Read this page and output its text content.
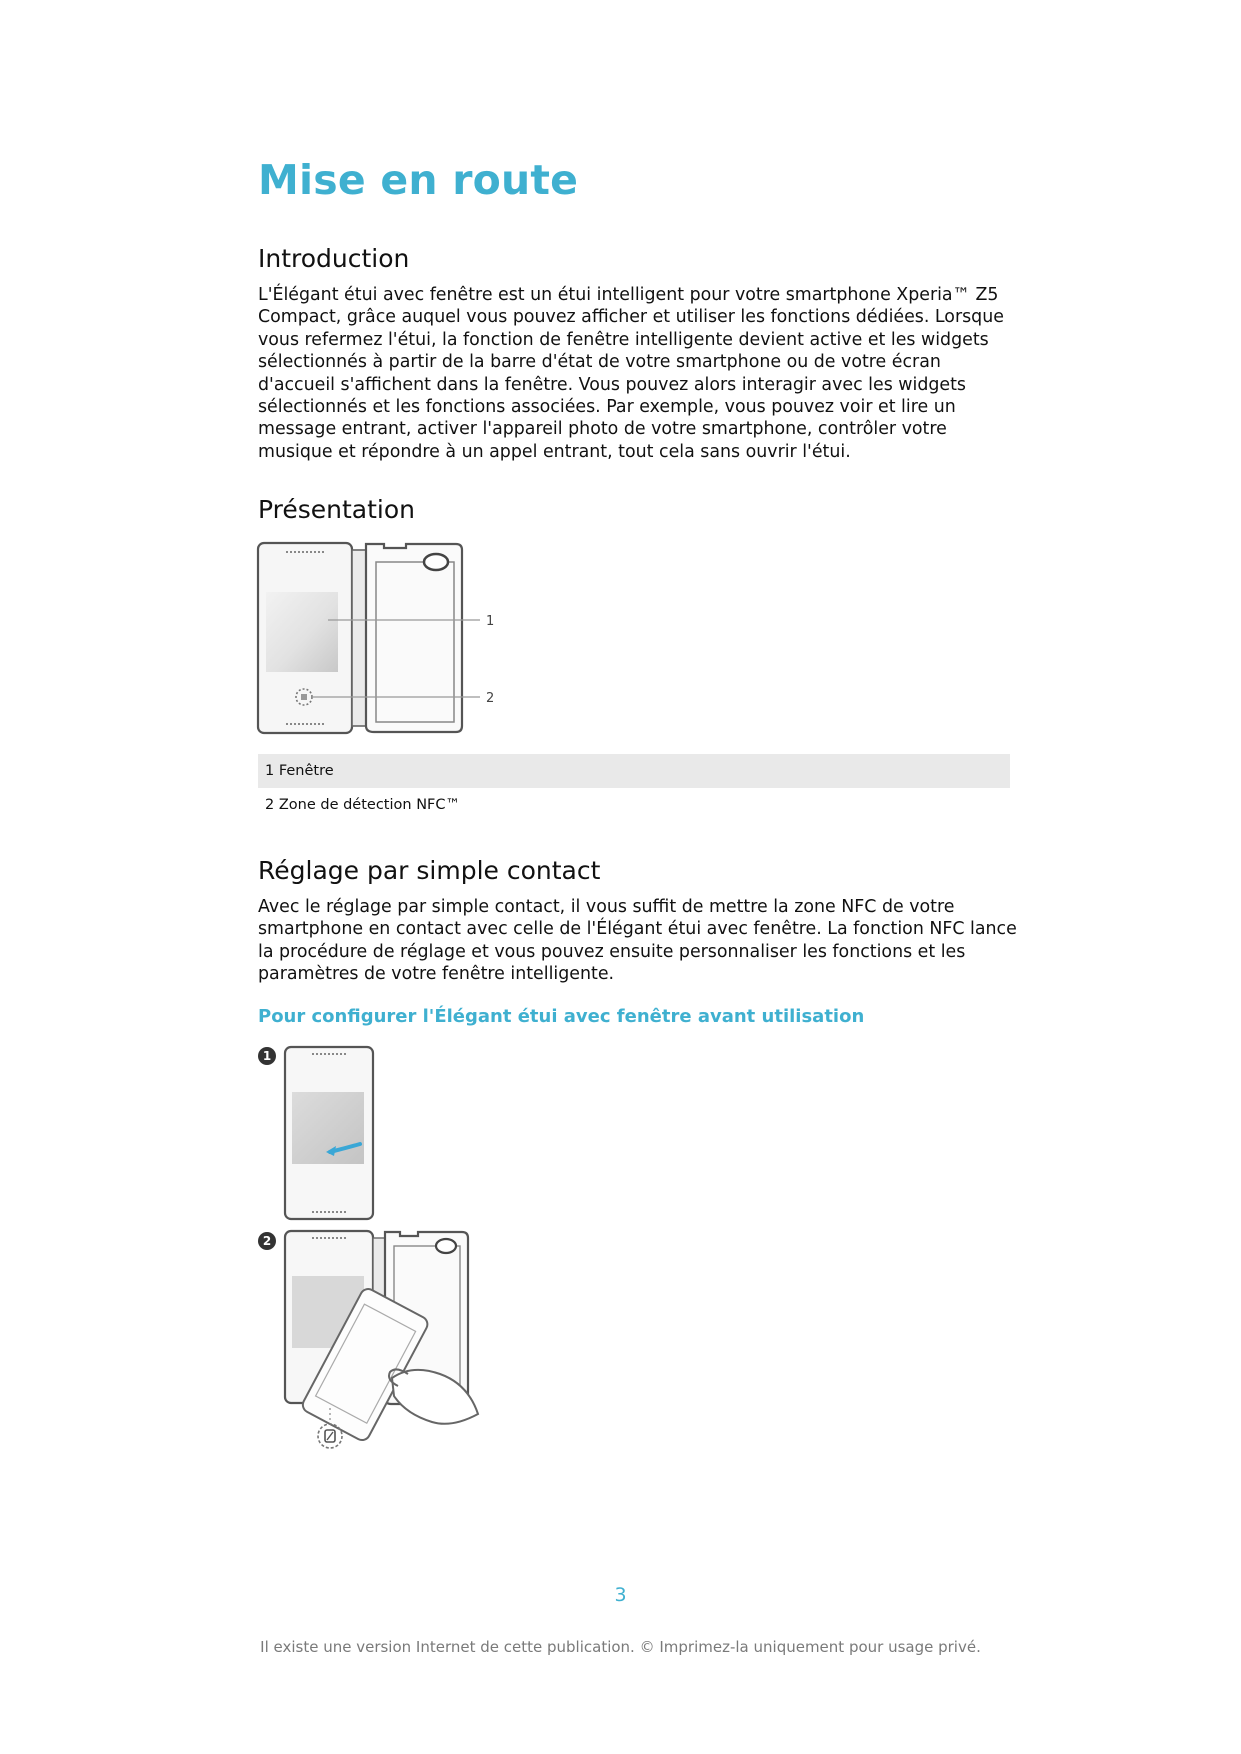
Mise en route
Introduction

L'Élégant étui avec fenêtre est un étui intelligent pour votre smartphone Xperia™ Z5 Compact, grâce auquel vous pouvez afficher et utiliser les fonctions dédiées. Lorsque vous refermez l'étui, la fonction de fenêtre intelligente devient active et les widgets sélectionnés à partir de la barre d'état de votre smartphone ou de votre écran d'accueil s'affichent dans la fenêtre. Vous pouvez alors interagir avec les widgets sélectionnés et les fonctions associées. Par exemple, vous pouvez voir et lire un message entrant, activer l'appareil photo de votre smartphone, contrôler votre musique et répondre à un appel entrant, tout cela sans ouvrir l'étui.

Présentation
1
2
1
Fenêtre
2
Zone de détection NFC™
Réglage par simple contact

Avec le réglage par simple contact, il vous suffit de mettre la zone NFC de votre smartphone en contact avec celle de l'Élégant étui avec fenêtre. La fonction NFC lance la procédure de réglage et vous pouvez ensuite personnaliser les fonctions et les paramètres de votre fenêtre intelligente.

Pour configurer l'Élégant étui avec fenêtre avant utilisation
1
2
3
Il existe une version Internet de cette publication. © Imprimez-la uniquement pour usage privé.
